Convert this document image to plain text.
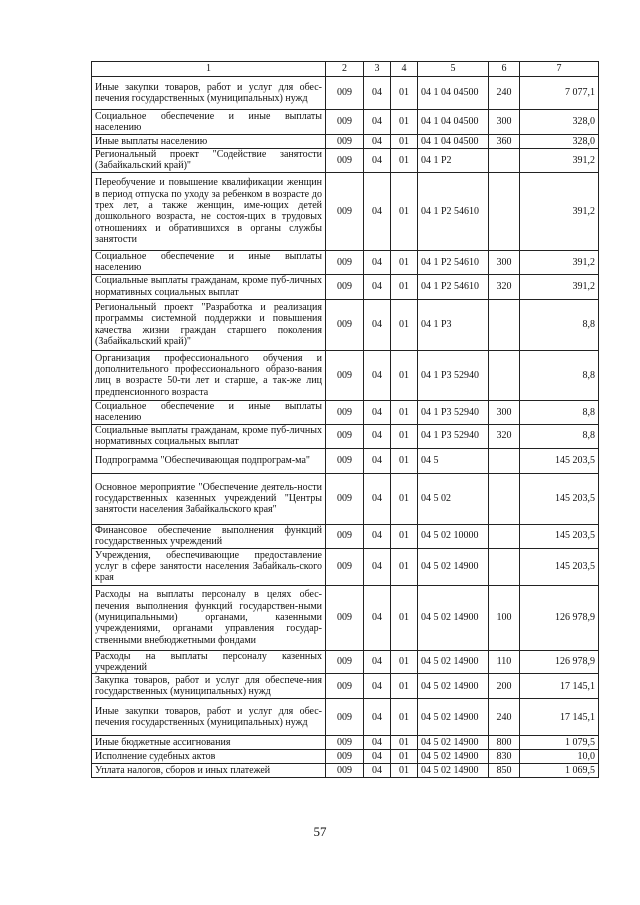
1	2	3	4	5	6	7
Иные закупки товаров, работ и услуг для обес-печения государственных (муниципальных) нужд	009	04	01	04 1 04 04500	240	7 077,1
Социальное обеспечение и иные выплаты населению	009	04	01	04 1 04 04500	300	328,0
Иные выплаты населению	009	04	01	04 1 04 04500	360	328,0
Региональный проект "Содействие занятости (Забайкальский край)"	009	04	01	04 1 P2		391,2
Переобучение и повышение квалификации женщин в период отпуска по уходу за ребенком в возрасте до трех лет, а также женщин, име-ющих детей дошкольного возраста, не состоя-щих в трудовых отношениях и обратившихся в органы службы занятости	009	04	01	04 1 P2 54610		391,2
Социальное обеспечение и иные выплаты населению	009	04	01	04 1 P2 54610	300	391,2
Социальные выплаты гражданам, кроме пуб-личных нормативных социальных выплат	009	04	01	04 1 P2 54610	320	391,2
Региональный проект "Разработка и реализация программы системной поддержки и повышения качества жизни граждан старшего поколения (Забайкальский край)"	009	04	01	04 1 P3		8,8
Организация профессионального обучения и дополнительного профессионального образо-вания лиц в возрасте 50-ти лет и старше, а так-же лиц предпенсионного возраста	009	04	01	04 1 P3 52940		8,8
Социальное обеспечение и иные выплаты населению	009	04	01	04 1 P3 52940	300	8,8
Социальные выплаты гражданам, кроме пуб-личных нормативных социальных выплат	009	04	01	04 1 P3 52940	320	8,8
Подпрограмма "Обеспечивающая подпрограм-ма"	009	04	01	04 5		145 203,5
Основное мероприятие "Обеспечение деятель-ности государственных казенных учреждений "Центры занятости населения Забайкальского края"	009	04	01	04 5 02		145 203,5
Финансовое обеспечение выполнения функций государственных учреждений	009	04	01	04 5 02 10000		145 203,5
Учреждения, обеспечивающие предоставление услуг в сфере занятости населения Забайкаль-ского края	009	04	01	04 5 02 14900		145 203,5
Расходы на выплаты персоналу в целях обес-печения выполнения функций государствен-ными (муниципальными) органами, казенными учреждениями, органами управления государ-ственными внебюджетными фондами	009	04	01	04 5 02 14900	100	126 978,9
Расходы на выплаты персоналу казенных учреждений	009	04	01	04 5 02 14900	110	126 978,9
Закупка товаров, работ и услуг для обеспече-ния государственных (муниципальных) нужд	009	04	01	04 5 02 14900	200	17 145,1
Иные закупки товаров, работ и услуг для обес-печения государственных (муниципальных) нужд	009	04	01	04 5 02 14900	240	17 145,1
Иные бюджетные ассигнования	009	04	01	04 5 02 14900	800	1 079,5
Исполнение судебных актов	009	04	01	04 5 02 14900	830	10,0
Уплата налогов, сборов и иных платежей	009	04	01	04 5 02 14900	850	1 069,5
57
